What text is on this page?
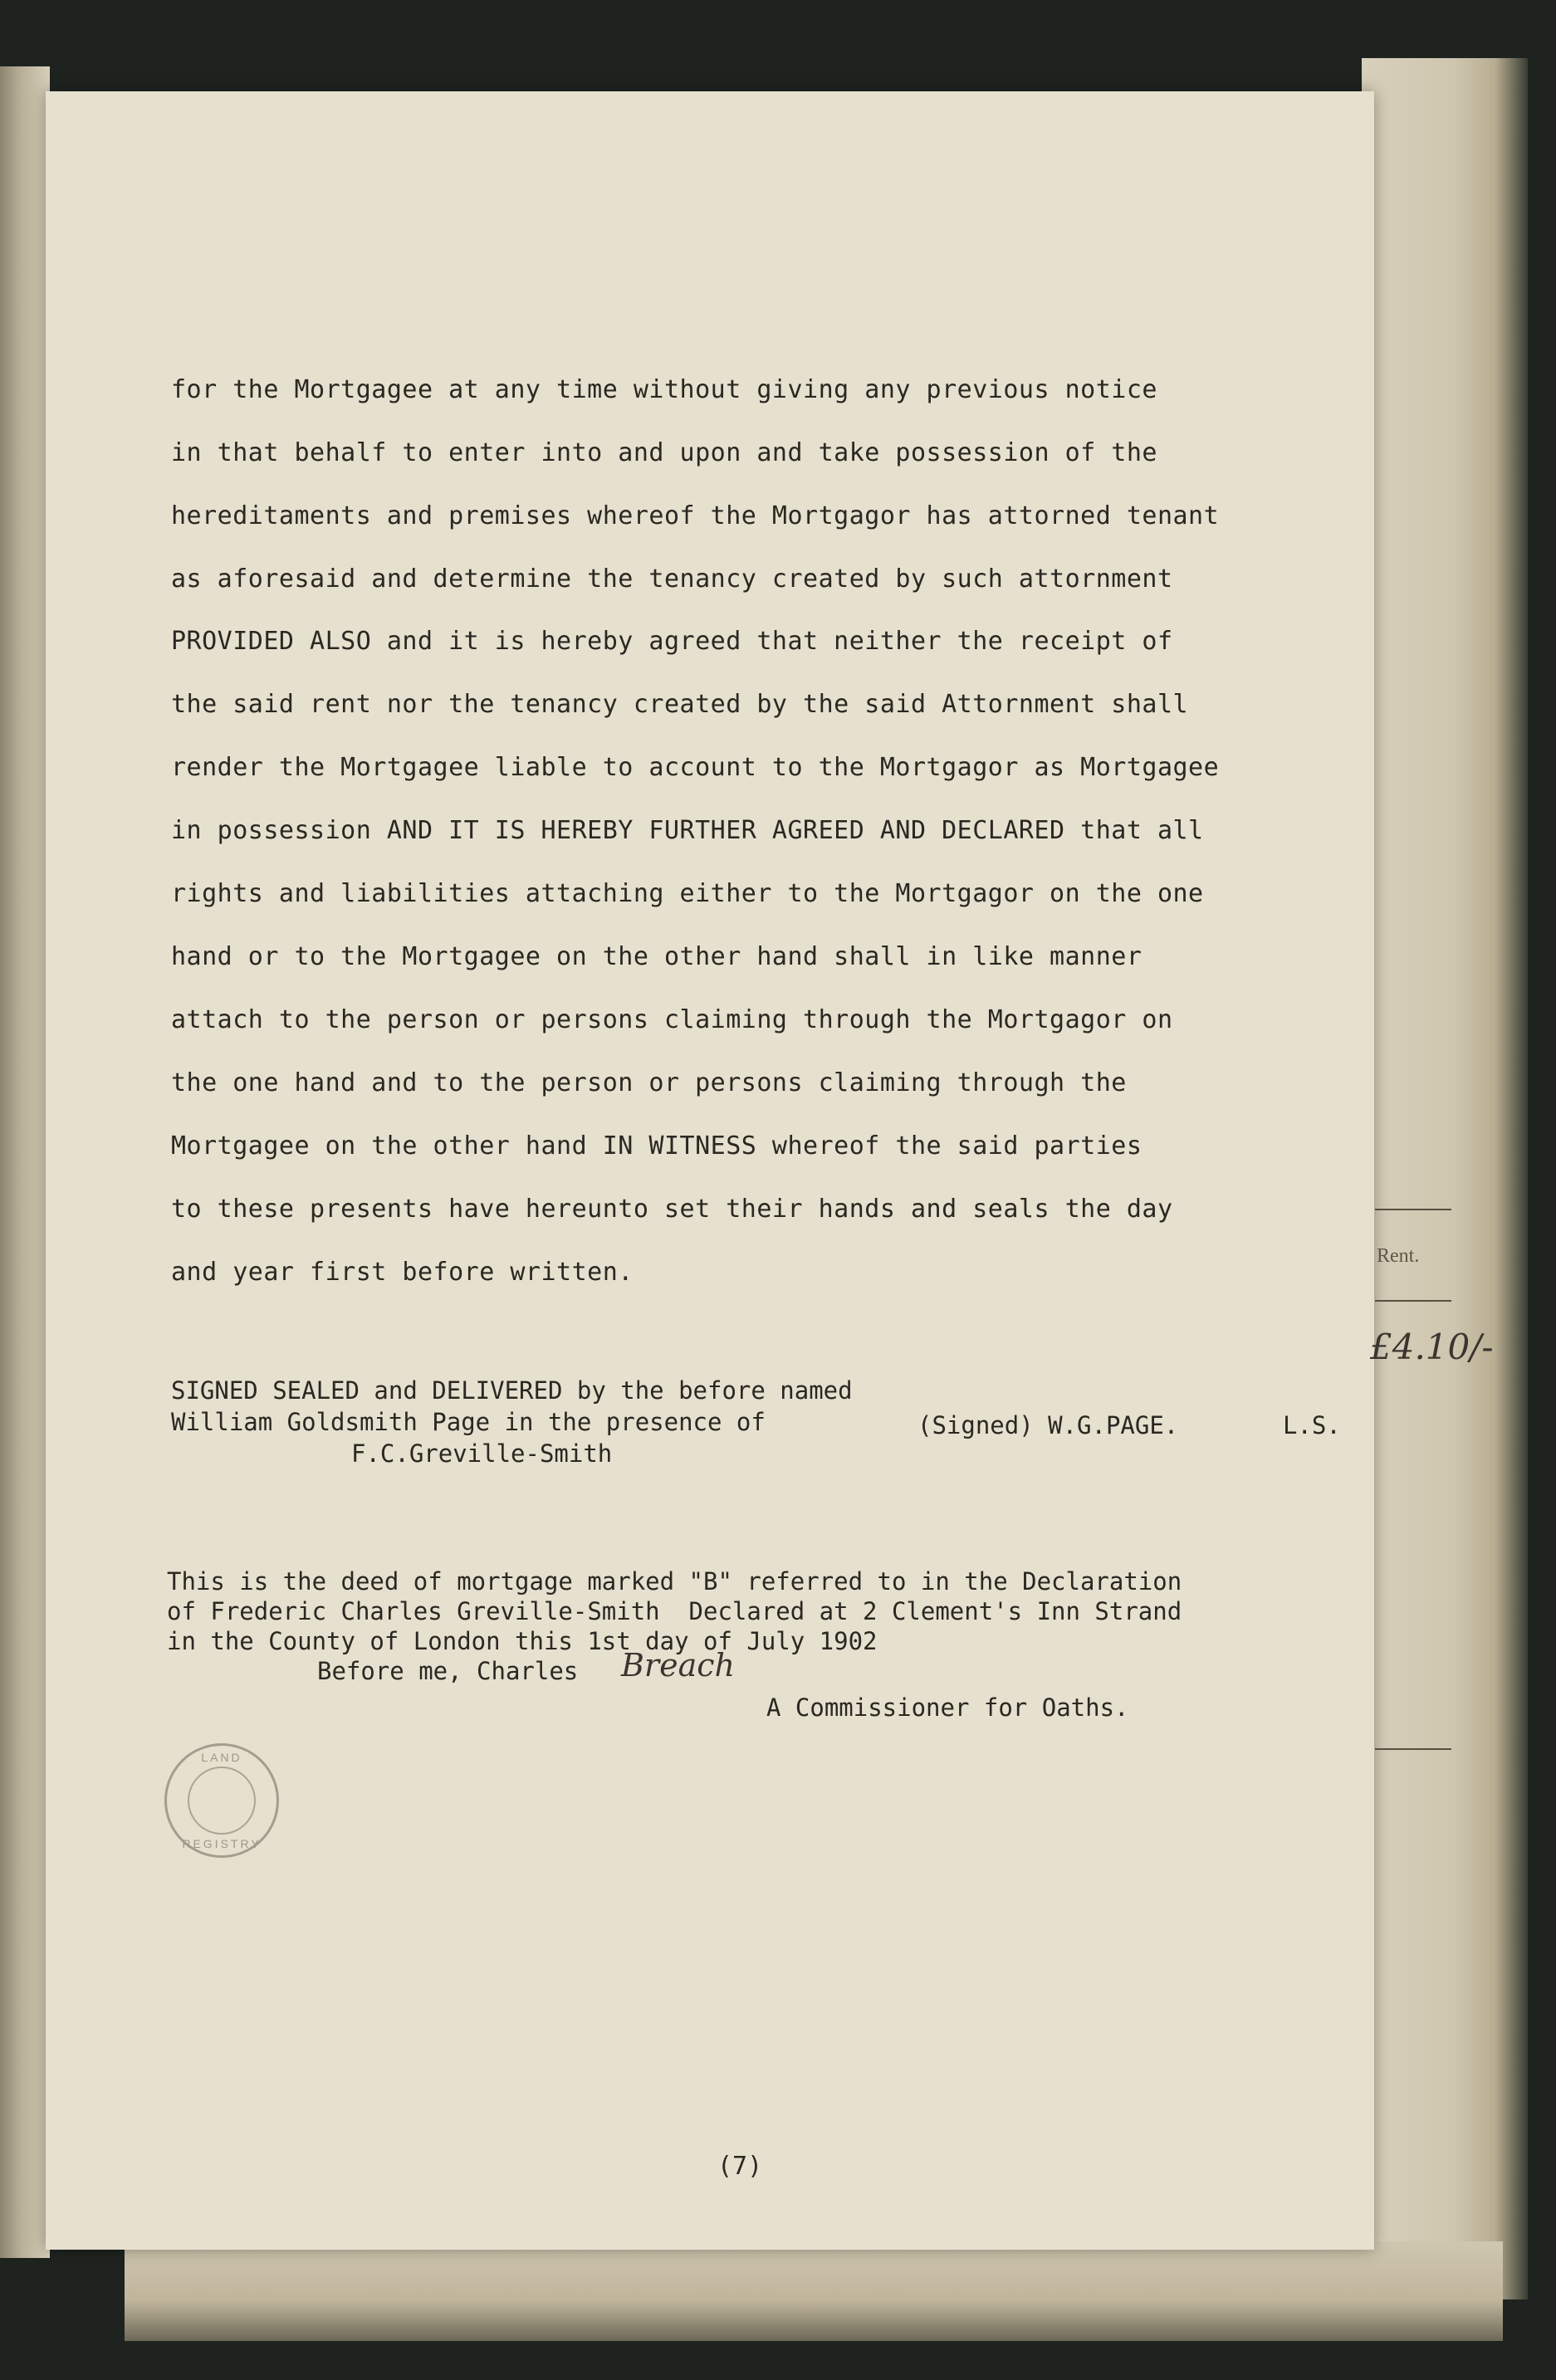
for the Mortgagee at any time without giving any previous notice
in that behalf to enter into and upon and take possession of the
hereditaments and premises whereof the Mortgagor has attorned tenant
as aforesaid and determine the tenancy created by such attornment
PROVIDED ALSO and it is hereby agreed that neither the receipt of
the said rent nor the tenancy created by the said Attornment shall
render the Mortgagee liable to account to the Mortgagor as Mortgagee
in possession AND IT IS HEREBY FURTHER AGREED AND DECLARED that all
rights and liabilities attaching either to the Mortgagor on the one
hand or to the Mortgagee on the other hand shall in like manner
attach to the person or persons claiming through the Mortgagor on
the one hand and to the person or persons claiming through the
Mortgagee on the other hand IN WITNESS whereof the said parties
to these presents have hereunto set their hands and seals the day
and year first before written.
SIGNED SEALED and DELIVERED by the before named
William Goldsmith Page in the presence of	(Signed) W.G.PAGE.	L.S.
F.C.Greville-Smith
This is the deed of mortgage marked "B" referred to in the Declaration
of Frederic Charles Greville-Smith  Declared at 2 Clement's Inn Strand
in the County of London this 1st day of July 1902
Before me, Charles Breach
A Commissioner for Oaths.
LAND
REGISTRY
(7)
Rent.
£4.10/-
